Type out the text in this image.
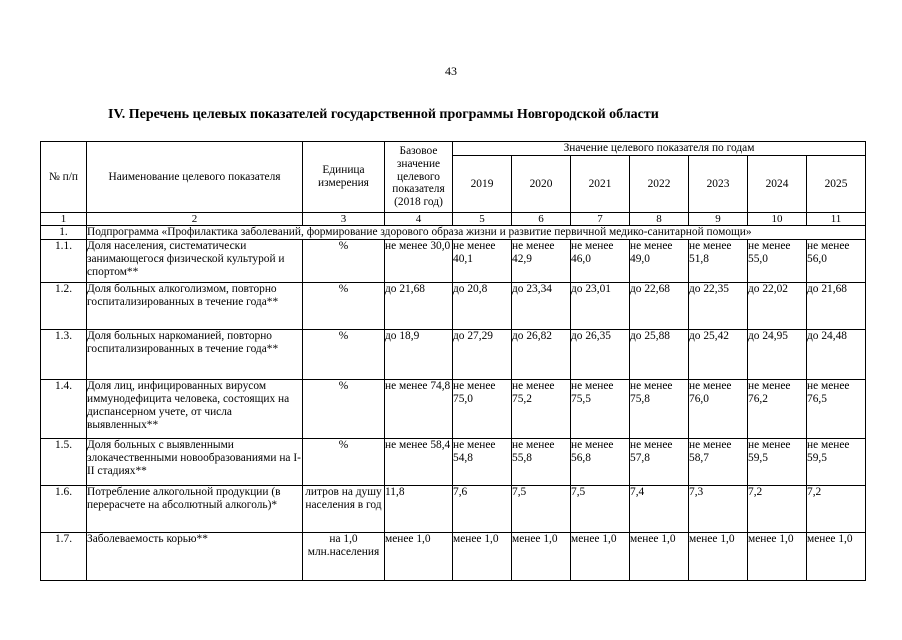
43
IV. Перечень целевых показателей государственной программы Новгородской области
№ п/п	Наименование целевого показателя	Единица измерения	Базовое значение целевого показателя (2018 год)	Значение целевого показателя по годам						
				2019	2020	2021	2022	2023	2024	2025
1	2	3	4	5	6	7	8	9	10	11
1.	Подпрограмма «Профилактика заболеваний, формирование здорового образа жизни и развитие первичной медико-санитарной помощи»									
1.1.	Доля населения, систематически занимающегося физической культурой и спортом**	%	не менее 30,0	не менее 40,1	не менее 42,9	не менее 46,0	не менее 49,0	не менее 51,8	не менее 55,0	не менее 56,0
1.2.	Доля больных алкоголизмом, повторно госпитализированных в течение года**	%	до 21,68	до 20,8	до 23,34	до 23,01	до 22,68	до 22,35	до 22,02	до 21,68
1.3.	Доля больных наркоманией, повторно госпитализированных в течение года**	%	до 18,9	до 27,29	до 26,82	до 26,35	до 25,88	до 25,42	до 24,95	до 24,48
1.4.	Доля лиц, инфицированных вирусом иммунодефицита человека, состоящих на диспансерном учете, от числа выявленных**	%	не менее 74,8	не менее 75,0	не менее 75,2	не менее 75,5	не менее 75,8	не менее 76,0	не менее 76,2	не менее 76,5
1.5.	Доля больных с выявленными злокачественными новообразованиями на I-II стадиях**	%	не менее 58,4	не менее 54,8	не менее 55,8	не менее 56,8	не менее 57,8	не менее 58,7	не менее 59,5	не менее 59,5
1.6.	Потребление алкогольной продукции (в перерасчете на абсолютный алкоголь)*	литров на душу населения в год	11,8	7,6	7,5	7,5	7,4	7,3	7,2	7,2
1.7.	Заболеваемость корью**	на 1,0 млн.населения	менее 1,0	менее 1,0	менее 1,0	менее 1,0	менее 1,0	менее 1,0	менее 1,0	менее 1,0
